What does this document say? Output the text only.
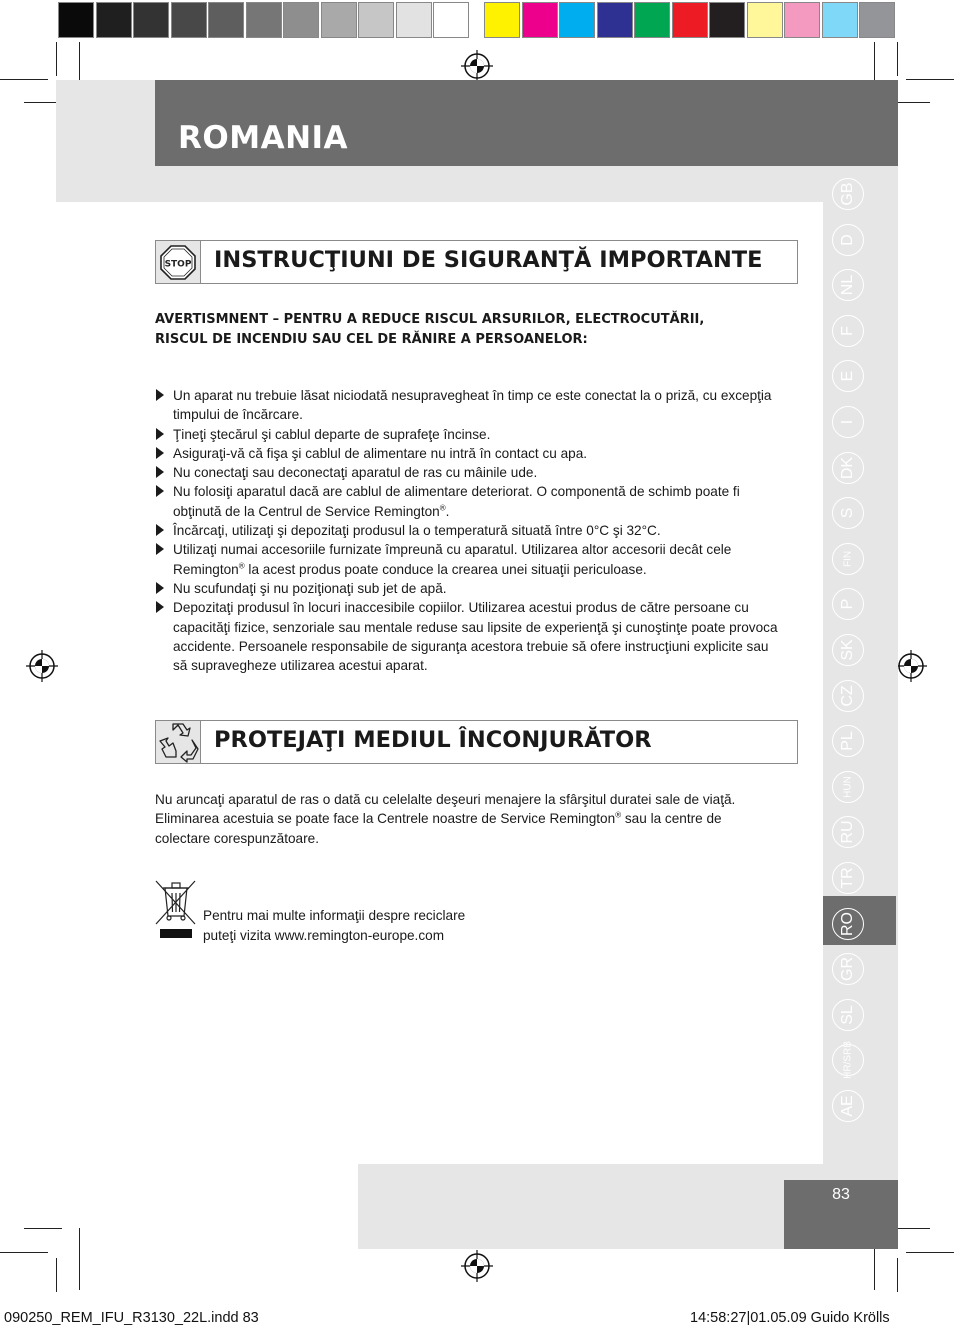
ROMANIA
GB
D
NL
F
E
I
DK
S
FIN
P
SK
CZ
PL
HUN
RU
TR
RO
GR
SL
HR/SRB
AE
STOP INSTRUCŢIUNI DE SIGURANŢĂ IMPORTANTE
AVERTISMNENT – PENTRU A REDUCE RISCUL ARSURILOR, ELECTROCUTĂRII, RISCUL DE INCENDIU SAU CEL DE RĂNIRE A PERSOANELOR:
Un aparat nu trebuie lăsat niciodată nesupravegheat în timp ce este conectat la o priză, cu excepţia timpului de încărcare.
Ţineţi ştecărul şi cablul departe de suprafeţe încinse.
Asiguraţi-vă că fişa şi cablul de alimentare nu intră în contact cu apa.
Nu conectaţi sau deconectaţi aparatul de ras cu mâinile ude.
Nu folosiţi aparatul dacă are cablul de alimentare deteriorat. O componentă de schimb poate fi obţinută de la Centrul de Service Remington®.
Încărcaţi, utilizaţi şi depozitaţi produsul la o temperatură situată între 0°C şi 32°C.
Utilizaţi numai accesoriile furnizate împreună cu aparatul. Utilizarea altor accesorii decât cele Remington® la acest produs poate conduce la crearea unei situaţii periculoase.
Nu scufundaţi şi nu poziţionaţi sub jet de apă.
Depozitaţi produsul în locuri inaccesibile copiilor. Utilizarea acestui produs de către persoane cu capacităţi fizice, senzoriale sau mentale reduse sau lipsite de experienţă şi cunoştinţe poate provoca accidente. Persoanele responsabile de siguranţa acestora trebuie să ofere instrucţiuni explicite sau să supravegheze utilizarea acestui aparat.
PROTEJAŢI MEDIUL ÎNCONJURĂTOR
Nu aruncaţi aparatul de ras o dată cu celelalte deşeuri menajere la sfârşitul duratei sale de viaţă. Eliminarea acestuia se poate face la Centrele noastre de Service Remington® sau la centre de colectare corespunzătoare.
Pentru mai multe informaţii despre reciclare
puteţi vizita www.remington-europe.com
83
090250_REM_IFU_R3130_22L.indd 83	14:58:27|01.05.09 Guido Krölls
